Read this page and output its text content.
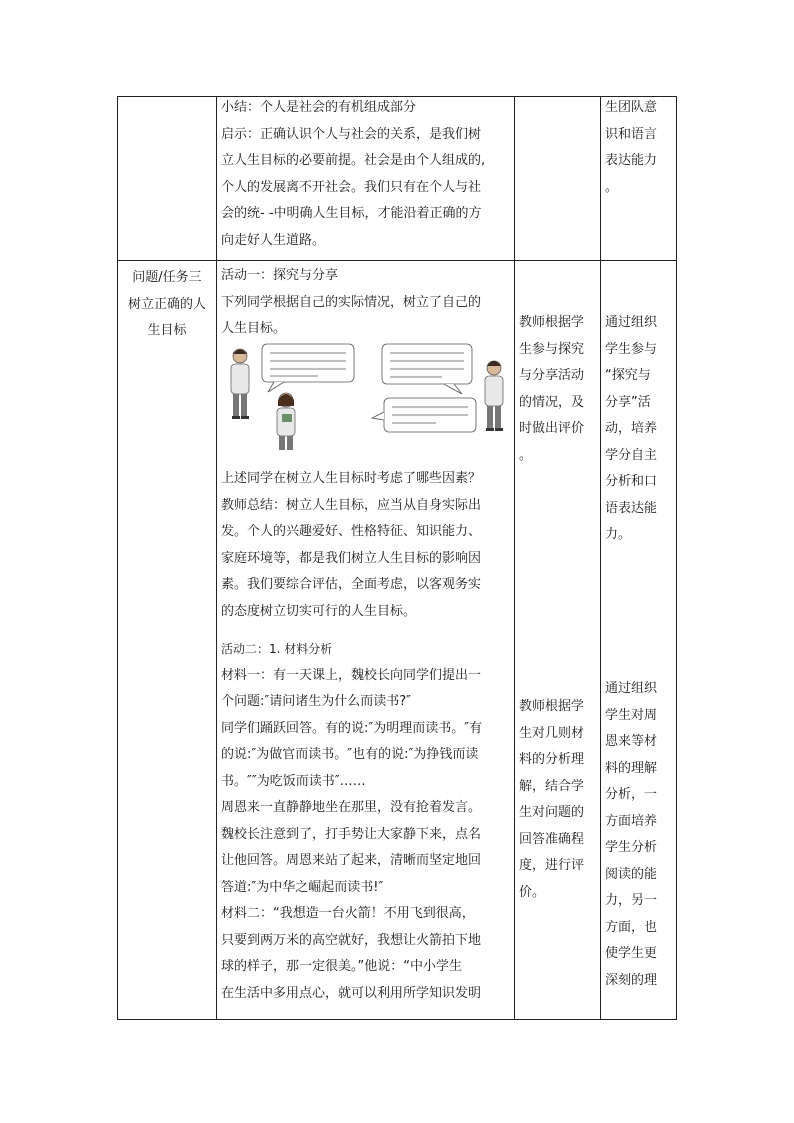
小结：个人是社会的有机组成部分

启示：正确认识个人与社会的关系，是我们树

立人生目标的必要前提。社会是由个人组成的,

个人的发展离不开社会。我们只有在个人与社

会的统- -中明确人生目标，才能沿着正确的方

向走好人生道路。

生团队意

识和语言

表达能力

。

问题/任务三

树立正确的人

生目标

活动一：探究与分享

下列同学根据自己的实际情况，树立了自己的

人生目标。

上述同学在树立人生目标时考虑了哪些因素？

教师总结：树立人生目标，应当从自身实际出

发。个人的兴趣爱好、性格特征、知识能力、

家庭环境等，都是我们树立人生目标的影响因

素。我们要综合评估，全面考虑，以客观务实

的态度树立切实可行的人生目标。

教师根据学

生参与探究

与分享活动

的情况，及

时做出评价

。

通过组织

学生参与

“探究与

分享”活

动，培养

学分自主

分析和口

语表达能

力。

活动二：1. 材料分析

材料一：有一天课上，魏校长向同学们提出一

个问题:″请问诸生为什么而读书?″

同学们踊跃回答。有的说:″为明理而读书。″有

的说:″为做官而读书。″也有的说:″为挣钱而读

书。″″为吃饭而读书″……

周恩来一直静静地坐在那里，没有抢着发言。

魏校长注意到了，打手势让大家静下来，点名

让他回答。周恩来站了起来，清晰而坚定地回

答道:″为中华之崛起而读书!″

材料二：“我想造一台火箭！不用飞到很高，

只要到两万米的高空就好，我想让火箭拍下地

球的样子，那一定很美。”他说：“中小学生

在生活中多用点心，就可以利用所学知识发明

教师根据学

生对几则材

料的分析理

解，结合学

生对问题的

回答准确程

度，进行评

价。

通过组织

学生对周

恩来等材

料的理解

分析，一

方面培养

学生分析

阅读的能

力，另一

方面，也

使学生更

深刻的理
